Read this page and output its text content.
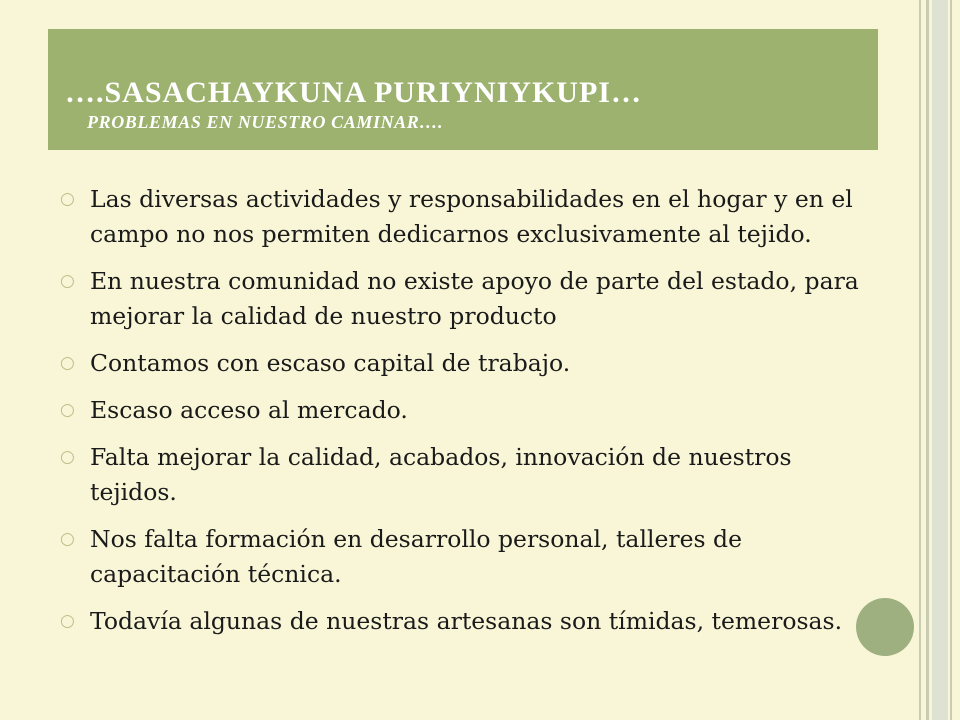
….SASACHAYKUNA PURIYNIYKUPI…
PROBLEMAS EN NUESTRO CAMINAR….
○ Las diversas actividades y responsabilidades en el hogar y en el campo no nos permiten dedicarnos exclusivamente al tejido.
○ En nuestra comunidad no existe apoyo de parte del estado, para mejorar la calidad de nuestro producto
○ Contamos con escaso capital de trabajo.
○ Escaso acceso al mercado.
○ Falta mejorar la calidad, acabados, innovación de nuestros tejidos.
○ Nos falta formación en desarrollo personal, talleres de capacitación técnica.
○ Todavía algunas de nuestras artesanas son tímidas, temerosas.
